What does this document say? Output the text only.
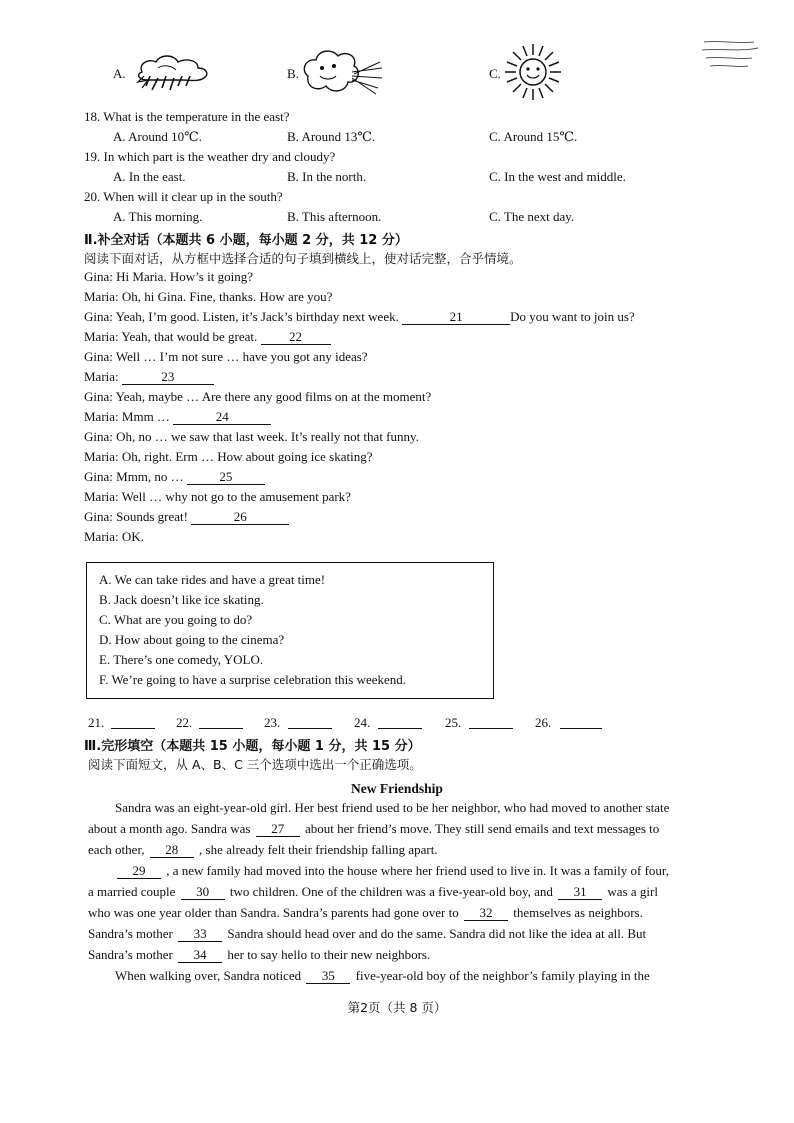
A.	B.	C.
18. What is the temperature in the east?
A. Around 10℃.	B. Around 13℃.	C. Around 15℃.
19. In which part is the weather dry and cloudy?
A. In the east.	B. In the north.	C. In the west and middle.
20. When will it clear up in the south?
A. This morning.	B. This afternoon.	C. The next day.
Ⅱ.补全对话（本题共 6 小题，每小题 2 分，共 12 分）
阅读下面对话，从方框中选择合适的句子填到横线上，使对话完整，合乎情境。
Gina: Hi Maria. How’s it going?
Maria: Oh, hi Gina. Fine, thanks. How are you?
Gina: Yeah, I’m good. Listen, it’s Jack’s birthday next week.	21	Do you want to join us?
Maria: Yeah, that would be great. 22
Gina: Well … I’m not sure … have you got any ideas?
Maria:	23
Gina: Yeah, maybe … Are there any good films on at the moment?
Maria: Mmm …	24
Gina: Oh, no … we saw that last week. It’s really not that funny.
Maria: Oh, right. Erm … How about going ice skating?
Gina: Mmm, no …	25
Maria: Well … why not go to the amusement park?
Gina: Sounds great!	26
Maria: OK.
A. We can take rides and have a great time!
B. Jack doesn’t like ice skating.
C. What are you going to do?
D. How about going to the cinema?
E. There’s one comedy, YOLO.
F. We’re going to have a surprise celebration this weekend.
21.	22.	23.	24.	25.	26.
Ⅲ.完形填空（本题共 15 小题，每小题 1 分，共 15 分）
阅读下面短文，从 A、B、C 三个选项中选出一个正确选项。
New Friendship
Sandra was an eight-year-old girl. Her best friend used to be her neighbor, who had moved to another state
about a month ago. Sandra was 27 about her friend’s move. They still send emails and text messages to
each other, 28 , she already felt their friendship falling apart.
29 , a new family had moved into the house where her friend used to live in. It was a family of four,
a married couple 30 two children. One of the children was a five-year-old boy, and 31 was a girl
who was one year older than Sandra. Sandra’s parents had gone over to 32 themselves as neighbors.
Sandra’s mother 33 Sandra should head over and do the same. Sandra did not like the idea at all. But
Sandra’s mother 34 her to say hello to their new neighbors.
When walking over, Sandra noticed 35 five-year-old boy of the neighbor’s family playing in the
第2页（共 8 页）
